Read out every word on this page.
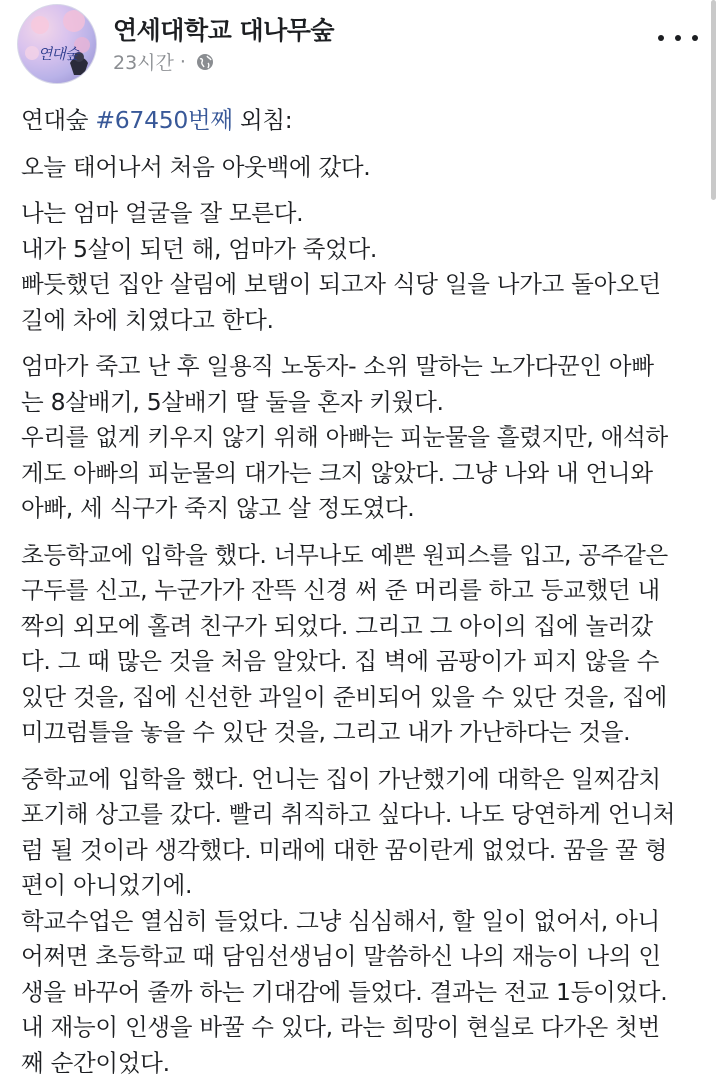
연대숲
연세대학교 대나무숲
23시간 ·

연대숲 #67450번째 외침:

오늘 태어나서 처음 아웃백에 갔다.

나는 엄마 얼굴을 잘 모른다.
내가 5살이 되던 해, 엄마가 죽었다.
빠듯했던 집안 살림에 보탬이 되고자 식당 일을 나가고 돌아오던
길에 차에 치였다고 한다.

엄마가 죽고 난 후 일용직 노동자- 소위 말하는 노가다꾼인 아빠
는 8살배기, 5살배기 딸 둘을 혼자 키웠다.
우리를 없게 키우지 않기 위해 아빠는 피눈물을 흘렸지만, 애석하
게도 아빠의 피눈물의 대가는 크지 않았다. 그냥 나와 내 언니와
아빠, 세 식구가 죽지 않고 살 정도였다.

초등학교에 입학을 했다. 너무나도 예쁜 원피스를 입고, 공주같은
구두를 신고, 누군가가 잔뜩 신경 써 준 머리를 하고 등교했던 내
짝의 외모에 홀려 친구가 되었다. 그리고 그 아이의 집에 놀러갔
다. 그 때 많은 것을 처음 알았다. 집 벽에 곰팡이가 피지 않을 수
있단 것을, 집에 신선한 과일이 준비되어 있을 수 있단 것을, 집에
미끄럼틀을 놓을 수 있단 것을, 그리고 내가 가난하다는 것을.

중학교에 입학을 했다. 언니는 집이 가난했기에 대학은 일찌감치
포기해 상고를 갔다. 빨리 취직하고 싶다나. 나도 당연하게 언니처
럼 될 것이라 생각했다. 미래에 대한 꿈이란게 없었다. 꿈을 꿀 형
편이 아니었기에.
학교수업은 열심히 들었다. 그냥 심심해서, 할 일이 없어서, 아니
어쩌면 초등학교 때 담임선생님이 말씀하신 나의 재능이 나의 인
생을 바꾸어 줄까 하는 기대감에 들었다. 결과는 전교 1등이었다.
내 재능이 인생을 바꿀 수 있다, 라는 희망이 현실로 다가온 첫번
째 순간이었다.
